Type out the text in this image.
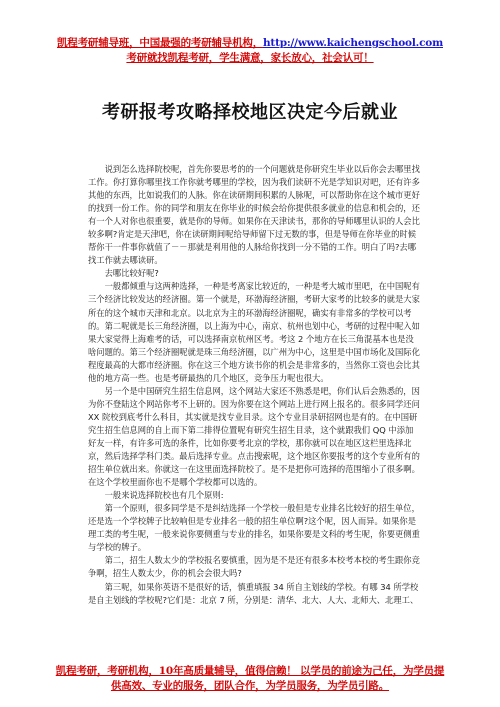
凯程考研辅导班，中国最强的考研辅导机构，http://www.kaichengschool.com
考研就找凯程考研，学生满意，家长放心，社会认可！
考研报考攻略择校地区决定今后就业

说到怎么选择院校呢，首先你要思考的的一个问题就是你研究生毕业以后你会去哪里找工作。你打算你哪里找工作你就考哪里的学校，因为我们读研不光是学知识对吧，还有许多其他的东西，比如说我们的人脉。你在读研期间积累的人脉呢，可以帮助你在这个城市更好的找到一份工作。你的同学和朋友在你毕业的时候会给你提供很多就业的信息和机会的，还有一个人对你也很重要，就是你的导师。如果你在天津读书，那你的导师哪里认识的人会比较多啊?肯定是天津吧，你在读研期间呢给导师留下过无数的事，但是导师在你毕业的时候帮你干一件事你就值了－－那就是利用他的人脉给你找到一分不错的工作。明白了吗?去哪找工作就去哪读研。

去哪比较好呢?

一般都倾重与这两种选择，一种是考离家比较近的，一种是考大城市里吧，在中国呢有三个经济比较发达的经济圈。第一个就是，环渤海经济圈，考研大家考的比较多的就是大家所在的这个城市天津和北京。以北京为主的环渤海经济圈呢，确实有非常多的学校可以考的。第二呢就是长三角经济圈，以上海为中心，南京、杭州也划中心，考研的过程中呢入如果大家觉得上海难考的话，可以选择南京杭州区考。考这 2 个地方在长三角混基本也是没啥问题的。第三个经济圈呢就是珠三角经济圈，以广州为中心，这里是中国市场化及国际化程度最高的大都市经济圈。你在这三个地方读书你的机会是非常多的，当然你工资也会比其他的地方高一些。也是考研最热的几个地区，竞争压力呢也很大。

另一个是中国研究生招生信息网，这个网站大家还不熟悉是吧，你们认后会熟悉的，因为你不登陆这个网站你考不上研的。因为你要在这个网站上进行网上报名的。很多同学还问 XX 院校到底考什么科目，其实就是找专业目录。这个专业目录研招网也是有的。在中国研究生招生信息网的自上而下第二排得位置呢有研究生招生目录，这个就跟我们 QQ 中添加好友一样，有许多可选的条件，比如你要考北京的学校，那你就可以在地区这栏里选择北京，然后选择学科门类。最后选择专业。点击搜索呢，这个地区你要报考的这个专业所有的招生单位就出来。你就这一在这里面选择院校了。是不是把你可选择的范围缩小了很多啊。在这个学校里面你也不是哪个学校都可以选的。

一般来说选择院校也有几个原则:

第一个原则，很多同学是不是纠结选择一个学校一般但是专业排名比较好的招生单位，还是选一个学校牌子比较响但是专业排名一般的招生单位啊?这个呢，因人而异。如果你是理工类的考生呢，一般来说你要侧重与专业的排名，如果你要是文科的考生呢，你要更侧重与学校的牌子。

第二，招生人数太少的学校报名要慎重，因为是不是还有很多本校考本校的考生跟你竞争啊，招生人数太少，你的机会会很大吗?

第三呢，如果你英语不是很好的话，慎重填报 34 所自主划线的学校。有哪 34 所学校是自主划线的学校呢?它们是：北京 7 所，分别是：清华、北大、人大、北师大、北理工、

凯程考研，考研机构，10年高质量辅导，值得信赖！ 以学员的前途为己任，为学员提
供高效、专业的服务，团队合作，为学员服务，为学员引路。
